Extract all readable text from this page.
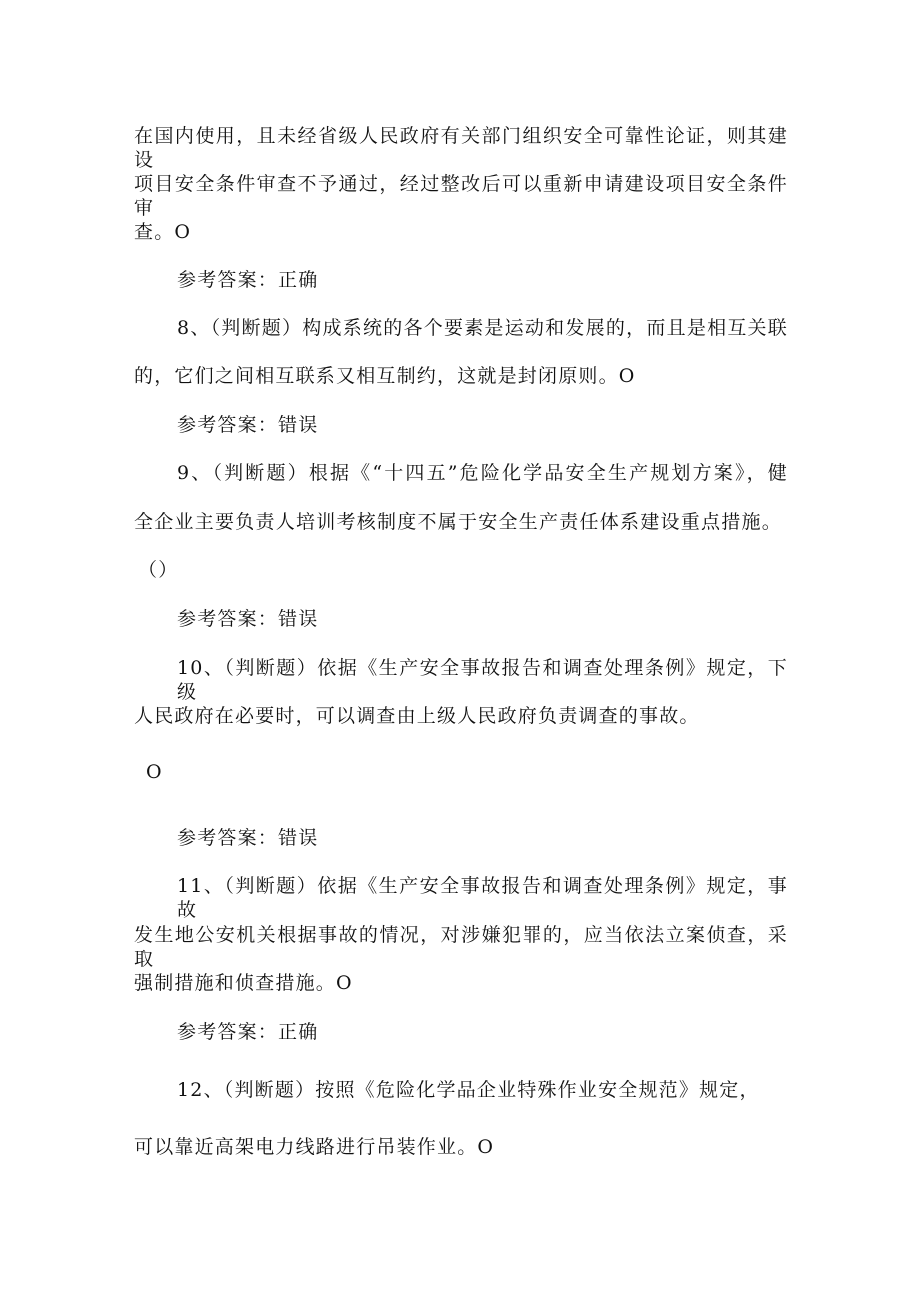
在国内使用，且未经省级人民政府有关部门组织安全可靠性论证，则其建设
项目安全条件审查不予通过，经过整改后可以重新申请建设项目安全条件审
查。O
参考答案：正确
8、（判断题）构成系统的各个要素是运动和发展的，而且是相互关联
的，它们之间相互联系又相互制约，这就是封闭原则。O
参考答案：错误
9、（判断题）根据《“十四五”危险化学品安全生产规划方案》，健
全企业主要负责人培训考核制度不属于安全生产责任体系建设重点措施。
（）
参考答案：错误
10、（判断题）依据《生产安全事故报告和调查处理条例》规定，下级
人民政府在必要时，可以调查由上级人民政府负责调查的事故。
O
参考答案：错误
11、（判断题）依据《生产安全事故报告和调查处理条例》规定，事故
发生地公安机关根据事故的情况，对涉嫌犯罪的，应当依法立案侦查，采取
强制措施和侦查措施。O
参考答案：正确
12、（判断题）按照《危险化学品企业特殊作业安全规范》规定，
可以靠近高架电力线路进行吊装作业。O
